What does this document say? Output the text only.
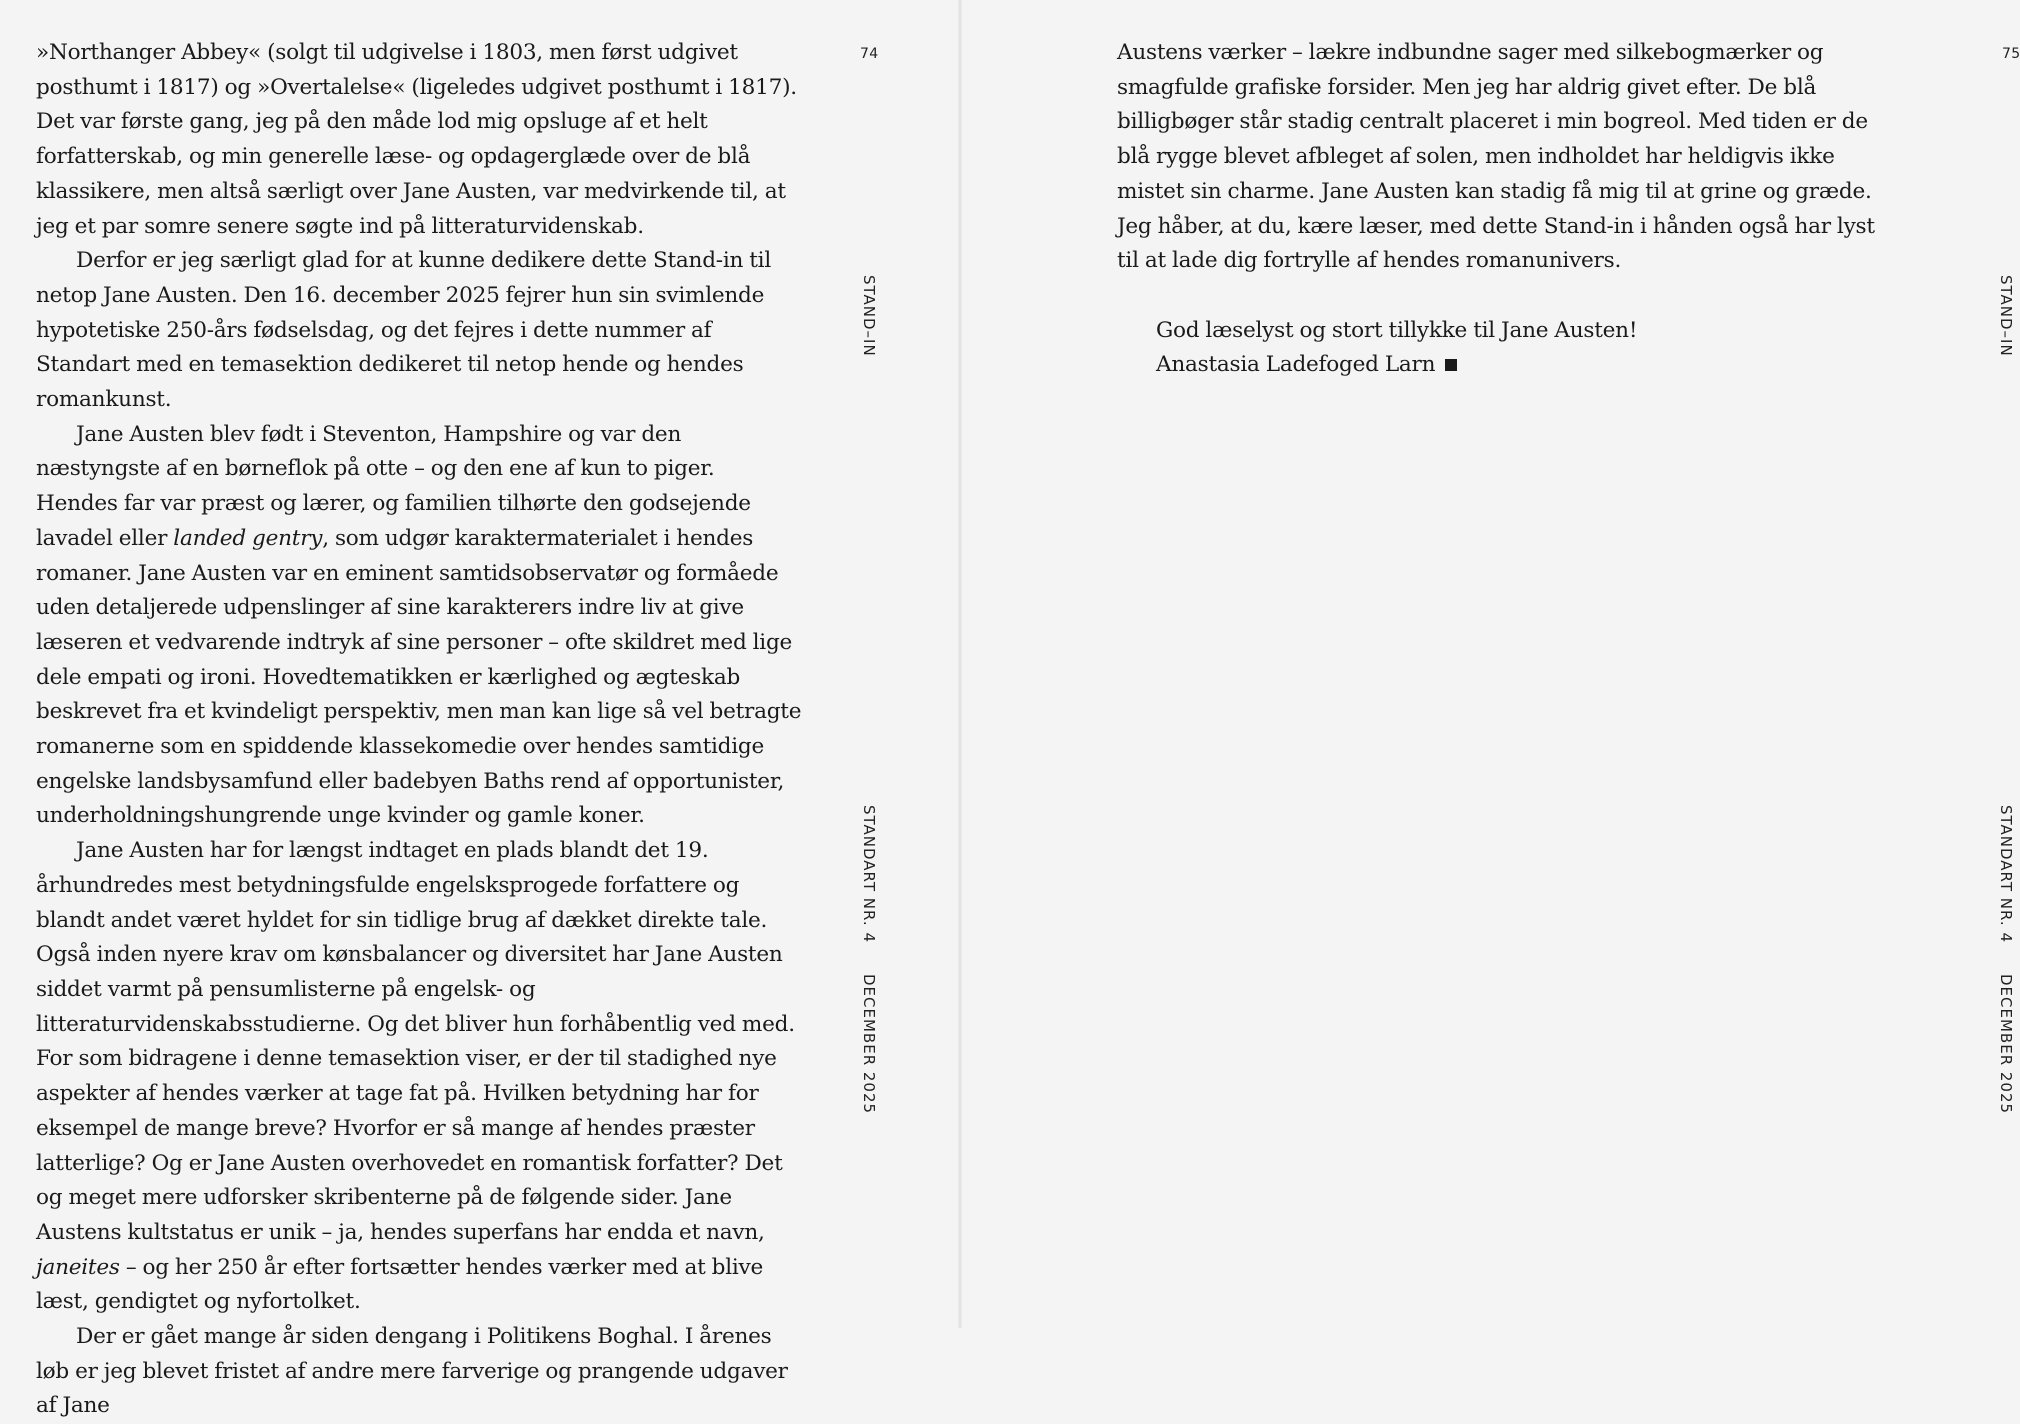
»Northanger Abbey« (solgt til udgivelse i 1803, men først udgivet posthumt i 1817) og »Overtalelse« (ligeledes udgivet posthumt i 1817). Det var første gang, jeg på den måde lod mig opsluge af et helt forfatterskab, og min generelle læse- og opdagerglæde over de blå klassikere, men altså særligt over Jane Austen, var medvirkende til, at jeg et par somre senere søgte ind på litteraturvidenskab.

Derfor er jeg særligt glad for at kunne dedikere dette Stand-in til netop Jane Austen. Den 16. december 2025 fejrer hun sin svimlende hypotetiske 250-års fødselsdag, og det fejres i dette nummer af Standart med en temasektion dedikeret til netop hende og hendes romankunst.

Jane Austen blev født i Steventon, Hampshire og var den næstyngste af en børneflok på otte – og den ene af kun to piger. Hendes far var præst og lærer, og familien tilhørte den godsejende lavadel eller landed gentry, som udgør karaktermaterialet i hendes romaner. Jane Austen var en eminent samtidsobservatør og formåede uden detaljerede udpenslinger af sine karakterers indre liv at give læseren et vedvarende indtryk af sine personer – ofte skildret med lige dele empati og ironi. Hovedtematikken er kærlighed og ægteskab beskrevet fra et kvindeligt perspektiv, men man kan lige så vel betragte romanerne som en spiddende klassekomedie over hendes samtidige engelske landsbysamfund eller badebyen Baths rend af opportunister, underholdningshungrende unge kvinder og gamle koner.

Jane Austen har for længst indtaget en plads blandt det 19. århundredes mest betydningsfulde engelsksprogede forfattere og blandt andet været hyldet for sin tidlige brug af dækket direkte tale. Også inden nyere krav om kønsbalancer og diversitet har Jane Austen siddet varmt på pensumlisterne på engelsk- og litteraturvidenskabsstudierne. Og det bliver hun forhåbentlig ved med. For som bidragene i denne temasektion viser, er der til stadighed nye aspekter af hendes værker at tage fat på. Hvilken betydning har for eksempel de mange breve? Hvorfor er så mange af hendes præster latterlige? Og er Jane Austen overhovedet en romantisk forfatter? Det og meget mere udforsker skribenterne på de følgende sider. Jane Austens kultstatus er unik – ja, hendes superfans har endda et navn, janeites – og her 250 år efter fortsætter hendes værker med at blive læst, gendigtet og nyfortolket.

Der er gået mange år siden dengang i Politikens Boghal. I årenes løb er jeg blevet fristet af andre mere farverige og prangende udgaver af Jane

74
STAND–IN
STANDART NR. 4
DECEMBER 2025
75
STAND–IN
STANDART NR. 4
DECEMBER 2025

Austens værker – lækre indbundne sager med silkebogmærker og smagfulde grafiske forsider. Men jeg har aldrig givet efter. De blå billigbøger står stadig centralt placeret i min bogreol. Med tiden er de blå rygge blevet afbleget af solen, men indholdet har heldigvis ikke mistet sin charme. Jane Austen kan stadig få mig til at grine og græde. Jeg håber, at du, kære læser, med dette Stand-in i hånden også har lyst til at lade dig fortrylle af hendes romanunivers.

God læselyst og stort tillykke til Jane Austen!

Anastasia Ladefoged Larn
